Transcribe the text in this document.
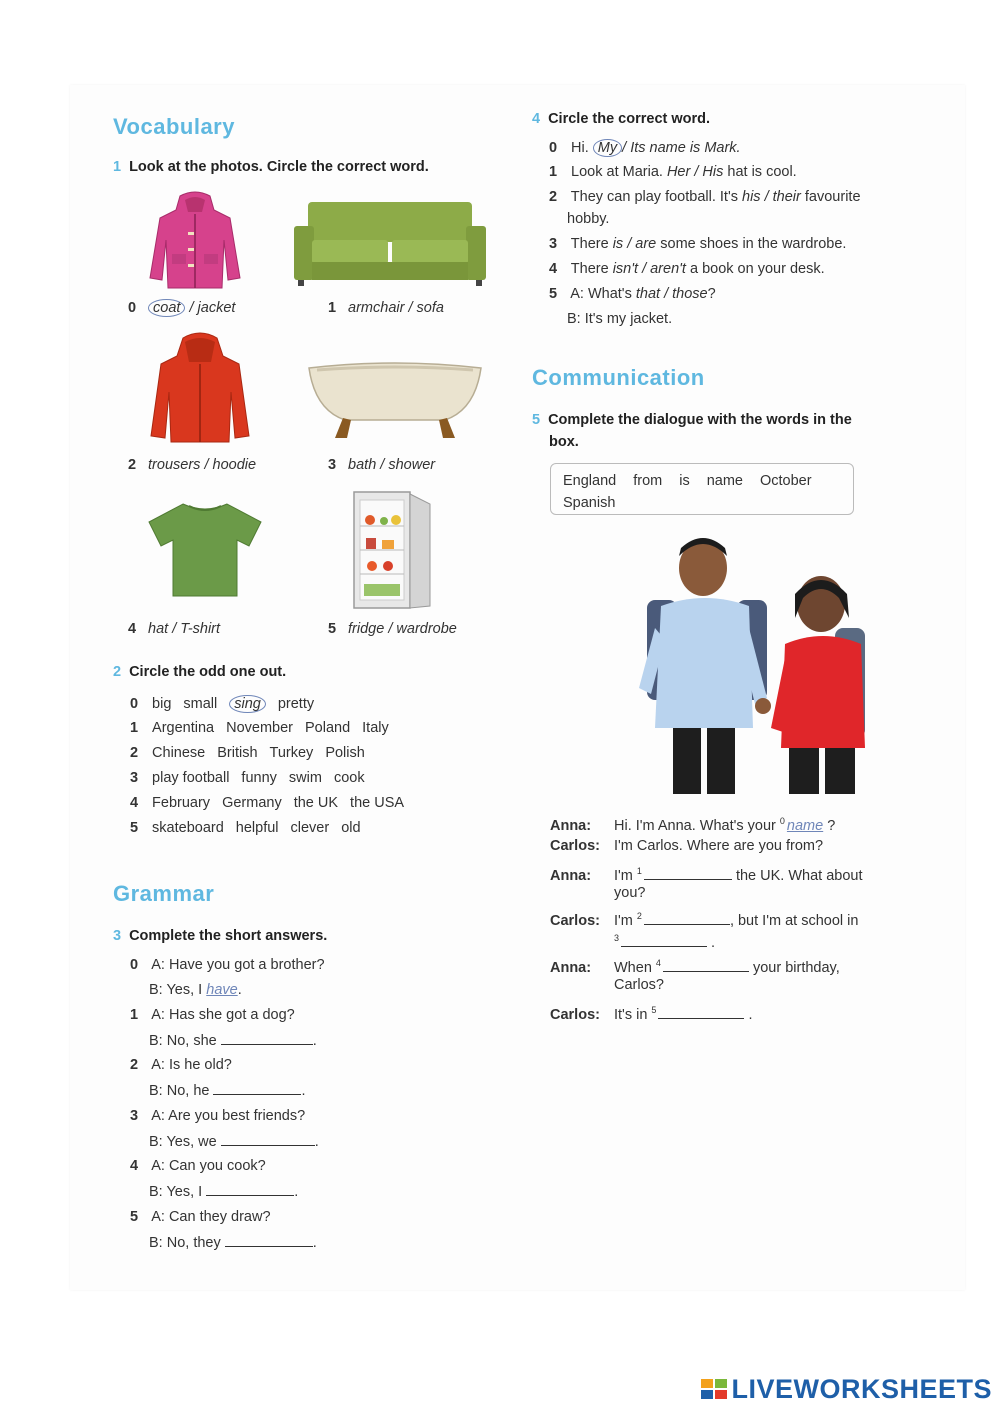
Vocabulary
1 Look at the photos. Circle the correct word.
0 coat / jacket	1 armchair / sofa
2 trousers / hoodie	3 bath / shower
4 hat / T-shirt	5 fridge / wardrobe
2 Circle the odd one out.
0 big small sing pretty
1 Argentina November Poland Italy
2 Chinese British Turkey Polish
3 play football funny swim cook
4 February Germany the UK the USA
5 skateboard helpful clever old
Grammar
3 Complete the short answers.
0 A: Have you got a brother?
B: Yes, I have.
1 A: Has she got a dog?
B: No, she	.
2 A: Is he old?
B: No, he	.
3 A: Are you best friends?
B: Yes, we	.
4 A: Can you cook?
B: Yes, I	.
5 A: Can they draw?
B: No, they	.
4 Circle the correct word.
0 Hi. My / Its name is Mark.
1 Look at Maria. Her / His hat is cool.
2 They can play football. It's his / their favourite
hobby.
3 There is / are some shoes in the wardrobe.
4 There isn't / aren't a book on your desk.
5 A: What's that / those?
B: It's my jacket.
Communication
5 Complete the dialogue with the words in the
box.
England from is name October
Spanish
Anna: Hi. I'm Anna. What's your $^0$ name ?
Carlos: I'm Carlos. Where are you from?
Anna: I'm $^1$	the UK. What about
you?
Carlos: I'm $^2$	, but I'm at school in
$^3$	.
Anna: When $^4$	your birthday,
Carlos?
Carlos: It's in $^5$	.
LIVEWORKSHEETS
